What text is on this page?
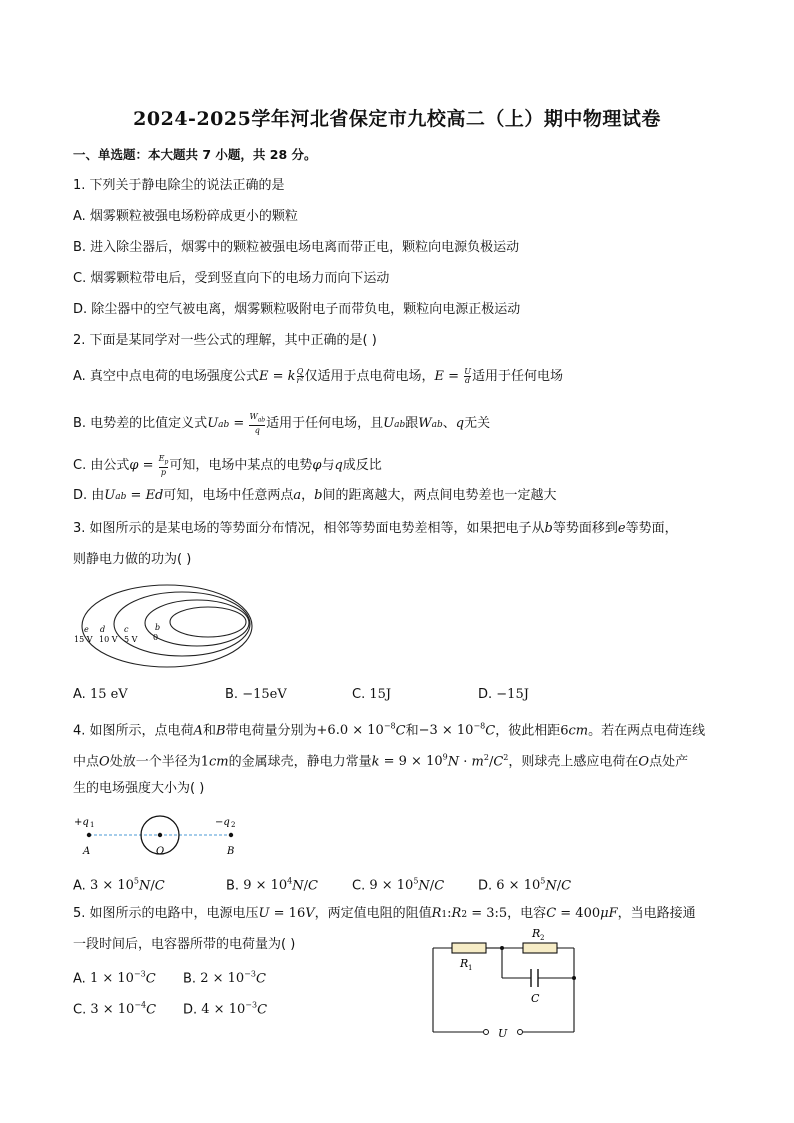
2024-2025学年河北省保定市九校高二（上）期中物理试卷
一、单选题：本大题共 7 小题，共 28 分。
1. 下列关于静电除尘的说法正确的是
A. 烟雾颗粒被强电场粉碎成更小的颗粒
B. 进入除尘器后，烟雾中的颗粒被强电场电离而带正电，颗粒向电源负极运动
C. 烟雾颗粒带电后，受到竖直向下的电场力而向下运动
D. 除尘器中的空气被电离，烟雾颗粒吸附电子而带负电，颗粒向电源正极运动
2. 下面是某同学对一些公式的理解，其中正确的是( )
A. 真空中点电荷的电场强度公式E = k $\frac{Q}{\text{r²}}$ 仅适用于点电荷电场，$E = \frac{U}{d}$ 适用于任何电场
B. 电势差的比值定义式Uab = $W_{ab}$
q 适用于任何电场，且Uab跟Wab、q无关
C. 由公式$\varphi = \frac{E_p}{p}$ 可知，电场中某点的电势φ与q成反比
D. 由Uab = Ed可知，电场中任意两点a，b间的距离越大，两点间电势差也一定越大
3. 如图所示的是某电场的等势面分布情况，相邻等势面电势差相等，如果把电子从b等势面移到e等势面，
则静电力做的功为( )
e d c	b
15 V 10 V 5 V 0
A. 15 eV	B. −15eV	C. 15J	D. −15J
4. 如图所示，点电荷A和B带电荷量分别为$+6.0 \times 10^{-8}C$和$-3 \times 10^{-8}C$，彼此相距6cm。若在两点电荷连线
中点O处放一个半径为1cm的金属球壳，静电力常量$k = 9 \times 10^9N \cdot m^2/C^2$，则球壳上感应电荷在O点处产
生的电场强度大小为( )
+q 1	−q 2
A	O	B
A. $3 \times 10^5N/C$	B. $9 \times 10^4N/C$	C. $9 \times 10^5N/C$	D. $6 \times 10^5N/C$
5. 如图所示的电路中，电源电压U = 16V，两定值电阻的阻值R1:R2 = 3:5，电容C = 400μF，当电路接通
一段时间后，电容器所带的电荷量为( )
A. $1 \times 10^{-3}C$ B. $2 \times 10^{-3}C$
C. $3 \times 10^{-4}C$ D. $4 \times 10^{-3}C$
R 1
R 2
C
U
